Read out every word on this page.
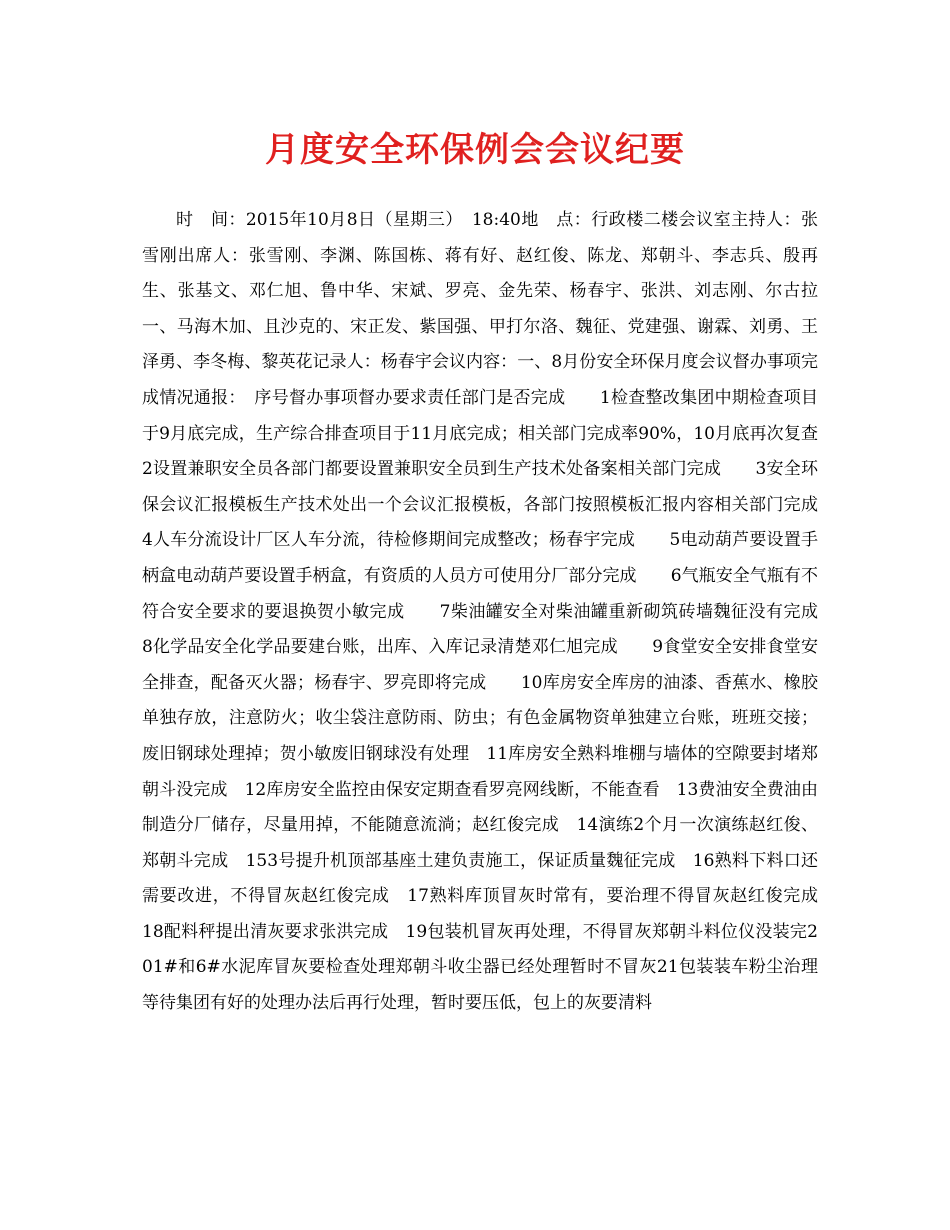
月度安全环保例会会议纪要

时　间：2015年10月8日（星期三）　18:40地　点：行政楼二楼会议室主持人：张雪刚出席人：张雪刚、李渊、陈国栋、蒋有好、赵红俊、陈龙、郑朝斗、李志兵、殷再生、张基文、邓仁旭、鲁中华、宋斌、罗亮、金先荣、杨春宇、张洪、刘志刚、尔古拉一、马海木加、且沙克的、宋正发、紫国强、甲打尔洛、魏征、党建强、谢霖、刘勇、王泽勇、李冬梅、黎英花记录人：杨春宇会议内容：一、8月份安全环保月度会议督办事项完成情况通报：　序号督办事项督办要求责任部门是否完成　　1检查整改集团中期检查项目于9月底完成，生产综合排查项目于11月底完成；相关部门完成率90%，10月底再次复查　　2设置兼职安全员各部门都要设置兼职安全员到生产技术处备案相关部门完成　　3安全环保会议汇报模板生产技术处出一个会议汇报模板，各部门按照模板汇报内容相关部门完成　　4人车分流设计厂区人车分流，待检修期间完成整改；杨春宇完成　　5电动葫芦要设置手柄盒电动葫芦要设置手柄盒，有资质的人员方可使用分厂部分完成　　6气瓶安全气瓶有不符合安全要求的要退换贺小敏完成　　7柴油罐安全对柴油罐重新砌筑砖墙魏征没有完成　　8化学品安全化学品要建台账，出库、入库记录清楚邓仁旭完成　　9食堂安全安排食堂安全排查，配备灭火器；杨春宇、罗亮即将完成　　10库房安全库房的油漆、香蕉水、橡胶单独存放，注意防火；收尘袋注意防雨、防虫；有色金属物资单独建立台账，班班交接；废旧钢球处理掉；贺小敏废旧钢球没有处理　11库房安全熟料堆棚与墙体的空隙要封堵郑朝斗没完成　12库房安全监控由保安定期查看罗亮网线断，不能查看　13费油安全费油由制造分厂储存，尽量用掉，不能随意流淌；赵红俊完成　14演练2个月一次演练赵红俊、郑朝斗完成　153号提升机顶部基座土建负责施工，保证质量魏征完成　16熟料下料口还需要改进，不得冒灰赵红俊完成　17熟料库顶冒灰时常有，要治理不得冒灰赵红俊完成　18配料秤提出清灰要求张洪完成　19包装机冒灰再处理，不得冒灰郑朝斗料位仪没装完201#和6#水泥库冒灰要检查处理郑朝斗收尘器已经处理暂时不冒灰21包装装车粉尘治理等待集团有好的处理办法后再行处理，暂时要压低，包上的灰要清料
